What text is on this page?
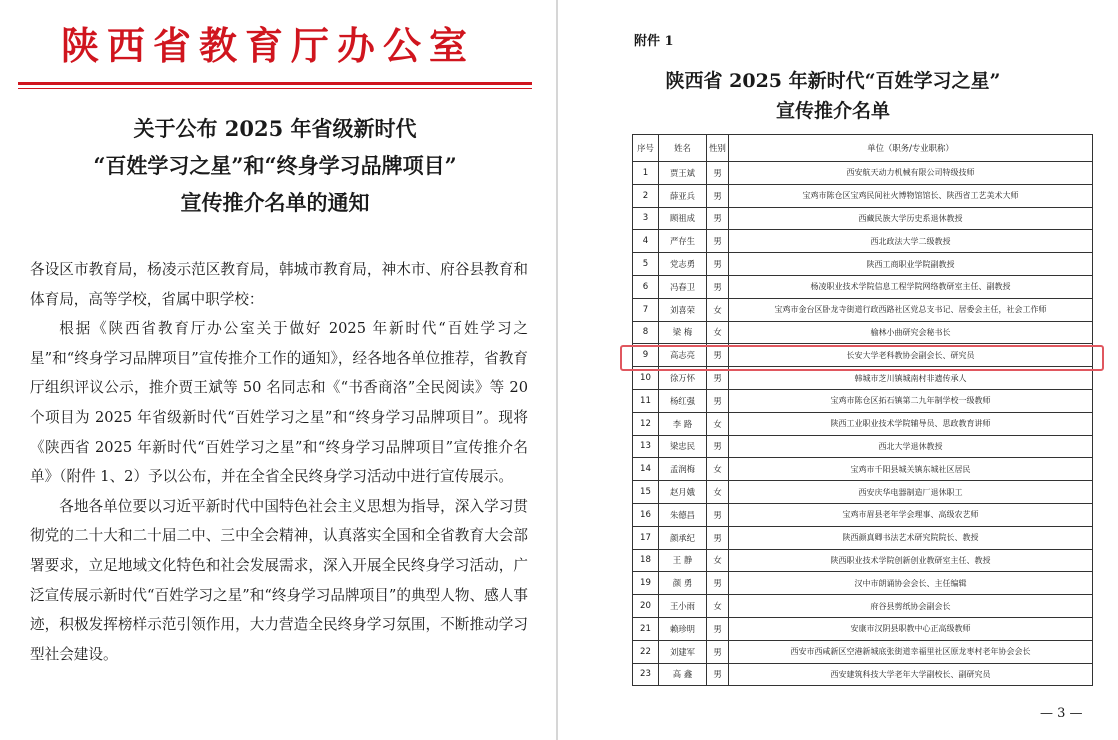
陕西省教育厅办公室
关于公布 2025 年省级新时代
“百姓学习之星”和“终身学习品牌项目”
宣传推介名单的通知

各设区市教育局，杨凌示范区教育局，韩城市教育局，神木市、府谷县教育和体育局，高等学校，省属中职学校：

根据《陕西省教育厅办公室关于做好 2025 年新时代“百姓学习之星”和“终身学习品牌项目”宣传推介工作的通知》，经各地各单位推荐，省教育厅组织评议公示，推介贾王斌等 50 名同志和《“书香商洛”全民阅读》等 20 个项目为 2025 年省级新时代“百姓学习之星”和“终身学习品牌项目”。现将《陕西省 2025 年新时代“百姓学习之星”和“终身学习品牌项目”宣传推介名单》（附件 1、2）予以公布，并在全省全民终身学习活动中进行宣传展示。

各地各单位要以习近平新时代中国特色社会主义思想为指导，深入学习贯彻党的二十大和二十届二中、三中全会精神，认真落实全国和全省教育大会部署要求，立足地域文化特色和社会发展需求，深入开展全民终身学习活动，广泛宣传展示新时代“百姓学习之星”和“终身学习品牌项目”的典型人物、感人事迹，积极发挥榜样示范引领作用，大力营造全民终身学习氛围，不断推动学习型社会建设。

附件 1
陕西省 2025 年新时代“百姓学习之星”
宣传推介名单
序号	姓名	性别	单位（职务/专业职称）
1	贾王斌	男	西安航天动力机械有限公司特级技师
2	薛亚兵	男	宝鸡市陈仓区宝鸡民间社火博物馆馆长、陕西省工艺美术大师
3	顾祖成	男	西藏民族大学历史系退休教授
4	严存生	男	西北政法大学二级教授
5	党志勇	男	陕西工商职业学院副教授
6	冯春卫	男	杨凌职业技术学院信息工程学院网络教研室主任、副教授
7	刘喜荣	女	宝鸡市金台区卧龙寺街道行政西路社区党总支书记、居委会主任，社会工作师
8	梁 梅	女	榆林小曲研究会秘书长
9	高志亮	男	长安大学老科教协会副会长、研究员
10	徐万怀	男	韩城市芝川镇城南村非遗传承人
11	杨红强	男	宝鸡市陈仓区拓石镇第二九年制学校一级教师
12	李 路	女	陕西工业职业技术学院辅导员、思政教育讲师
13	梁忠民	男	西北大学退休教授
14	孟润梅	女	宝鸡市千阳县城关镇东城社区居民
15	赵月娥	女	西安庆华电器制造厂退休职工
16	朱德昌	男	宝鸡市眉县老年学会理事、高级农艺师
17	颜承纪	男	陕西颜真卿书法艺术研究院院长、教授
18	王 静	女	陕西职业技术学院创新创业教研室主任、教授
19	颜 勇	男	汉中市朗诵协会会长、主任编辑
20	王小雨	女	府谷县剪纸协会副会长
21	赖珍明	男	安康市汉阴县职教中心正高级教师
22	刘建军	男	西安市西咸新区空港新城底张街道幸福里社区原龙枣村老年协会会长
23	高 鑫	男	西安建筑科技大学老年大学副校长、副研究员
— 3 —
